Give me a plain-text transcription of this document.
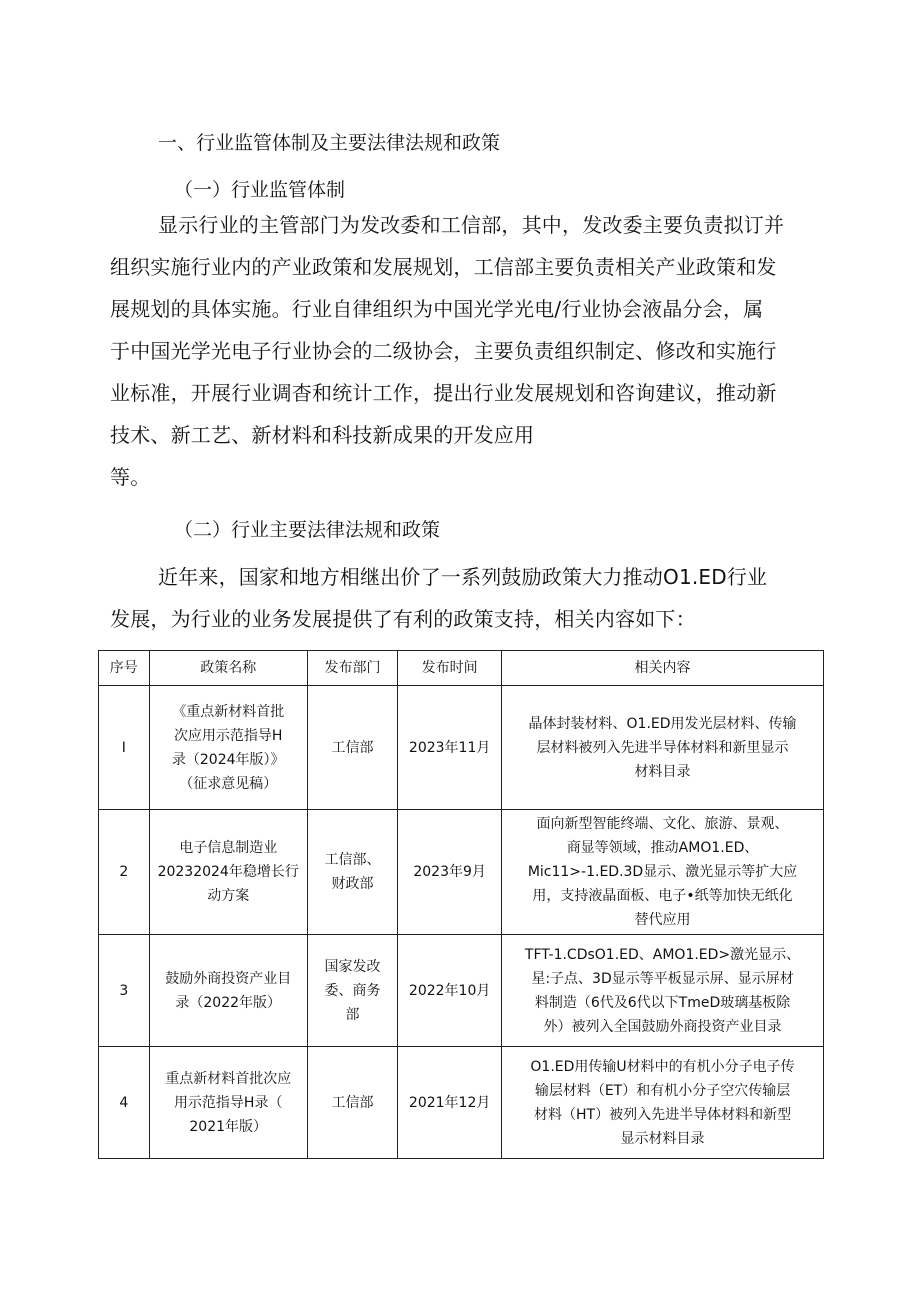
一、行业监管体制及主要法律法规和政策
（一）行业监管体制
显示行业的主管部门为发改委和工信部，其中，发改委主要负责拟订并
组织实施行业内的产业政策和发展规划，工信部主要负责相关产业政策和发
展规划的具体实施。行业自律组织为中国光学光电/行业协会液晶分会，属
于中国光学光电子行业协会的二级协会，主要负责组织制定、修改和实施行
业标准，开展行业调杳和统计工作，提出行业发展规划和咨询建议，推动新
技术、新工艺、新材料和科技新成果的开发应用
等。
（二）行业主要法律法规和政策
近年来，国家和地方相继出价了一系列鼓励政策大力推动O1.ED行业
发展，为行业的业务发展提供了有利的政策支持，相关内容如下：
序号	政策名称	发布部门	发布时间	相关内容
I	《重点新材料首批
次应用示范指导H
录（2024年版）》
（征求意见稿）	工信部	2023年11月	晶体封装材料、O1.ED用发光层材料、传输
层材料被列入先进半导体材料和新里显示
材料目录

2	电子信息制造业
20232024年稳增长行
动方案	工信部、
财政部	2023年9月	面向新型智能终端、文化、旅游、景观、
商显等领域，推动AMO1.ED、
Mic11>-1.ED.3D显示、激光显示等扩大应
用，支持液晶面板、电子•纸等加快无纸化
替代应用

3	鼓励外商投资产业目
录（2022年版）	国家发改
委、商务
部	2022年10月	TFT-1.CDsO1.ED、AMO1.ED>激光显示、
星:子点、3D显示等平板显示屏、显示屏材
料制造（6代及6代以下TmeD玻璃基板除
外）被列入全国鼓励外商投资产业目录

4	重点新材料首批次应
用示范指导H录（
2021年版）	工信部	2021年12月	O1.ED用传输U材料中的有机小分子电子传
输层材料（ET）和有机小分子空穴传输层
材料（HT）被列入先进半导体材料和新型
显示材料目录
